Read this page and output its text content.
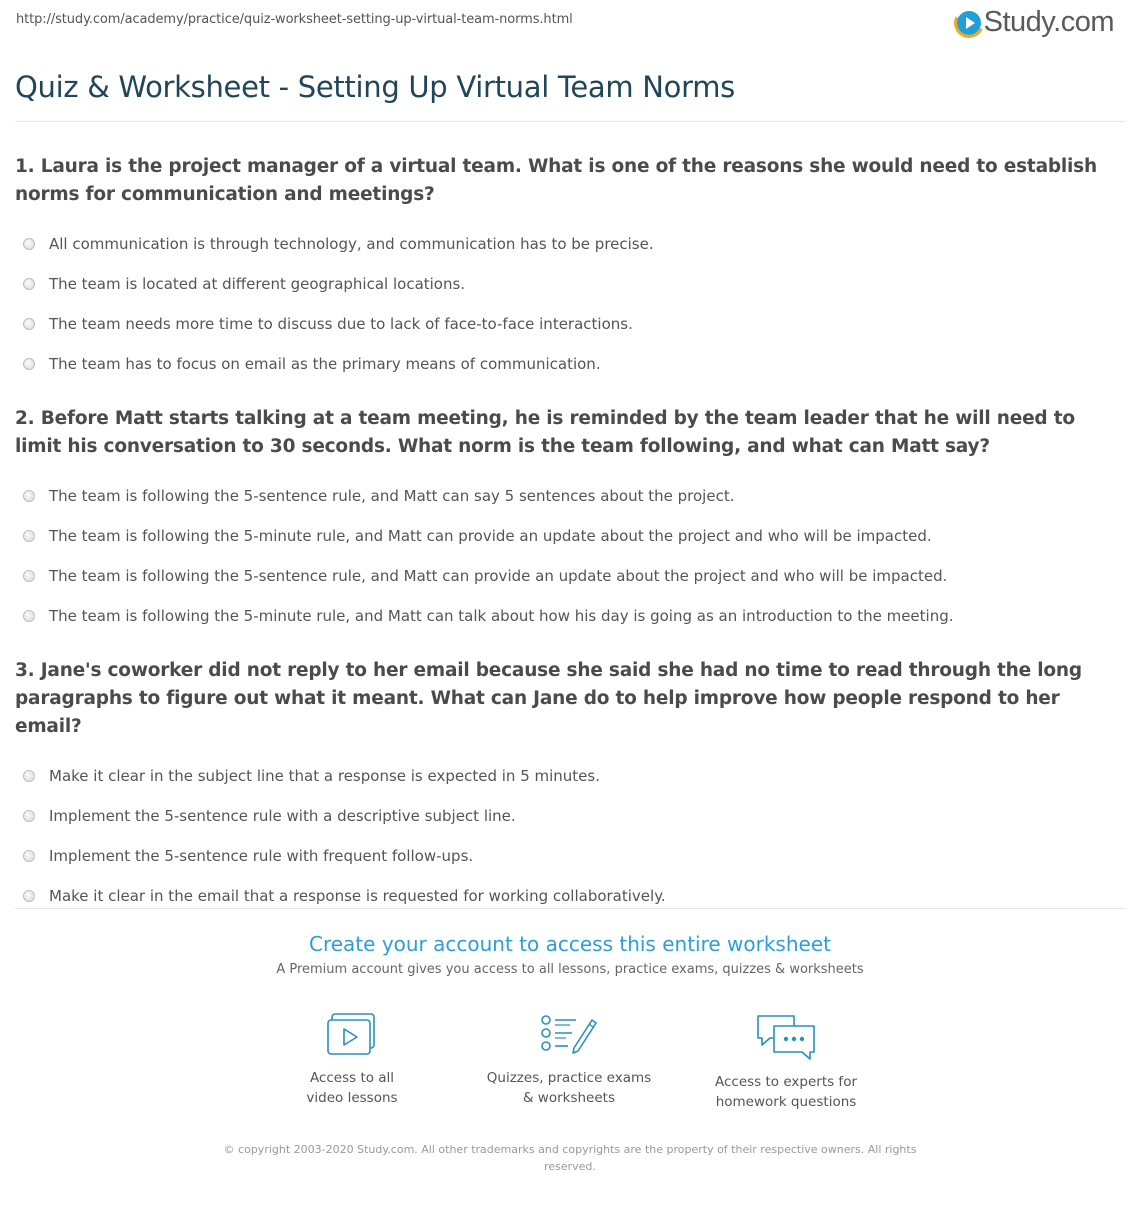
http://study.com/academy/practice/quiz-worksheet-setting-up-virtual-team-norms.html	Study.com
Quiz & Worksheet - Setting Up Virtual Team Norms
1. Laura is the project manager of a virtual team. What is one of the reasons she would need to establish norms for communication and meetings?
All communication is through technology, and communication has to be precise.
The team is located at different geographical locations.
The team needs more time to discuss due to lack of face-to-face interactions.
The team has to focus on email as the primary means of communication.
2. Before Matt starts talking at a team meeting, he is reminded by the team leader that he will need to limit his conversation to 30 seconds. What norm is the team following, and what can Matt say?
The team is following the 5-sentence rule, and Matt can say 5 sentences about the project.
The team is following the 5-minute rule, and Matt can provide an update about the project and who will be impacted.
The team is following the 5-sentence rule, and Matt can provide an update about the project and who will be impacted.
The team is following the 5-minute rule, and Matt can talk about how his day is going as an introduction to the meeting.
3. Jane's coworker did not reply to her email because she said she had no time to read through the long paragraphs to figure out what it meant. What can Jane do to help improve how people respond to her email?
Make it clear in the subject line that a response is expected in 5 minutes.
Implement the 5-sentence rule with a descriptive subject line.
Implement the 5-sentence rule with frequent follow-ups.
Make it clear in the email that a response is requested for working collaboratively.
Create your account to access this entire worksheet
A Premium account gives you access to all lessons, practice exams, quizzes & worksheets
Access to all
video lessons
Quizzes, practice exams
& worksheets
Access to experts for
homework questions
© copyright 2003-2020 Study.com. All other trademarks and copyrights are the property of their respective owners. All rights reserved.
